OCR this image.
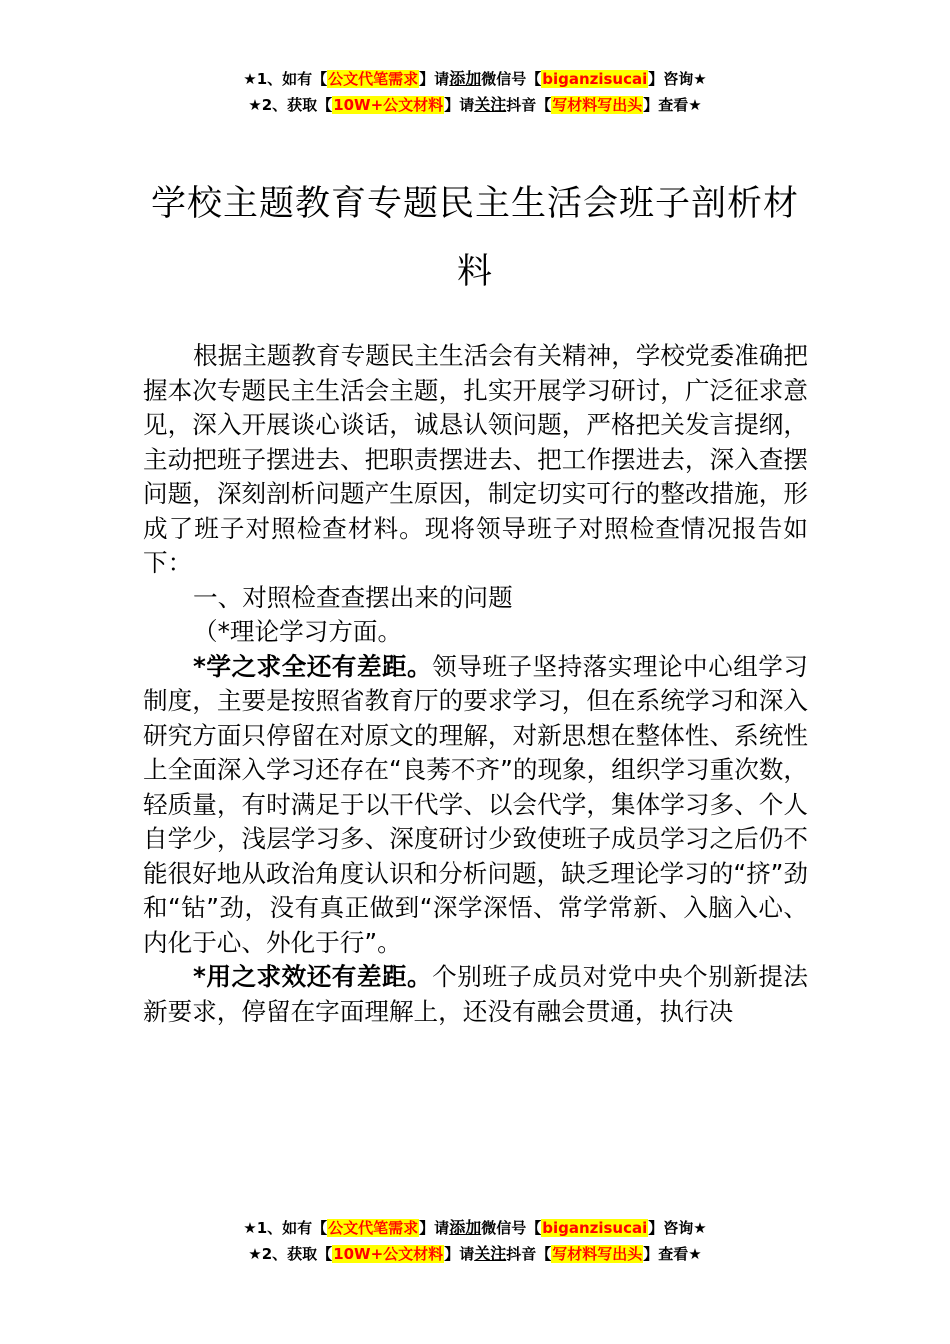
★1、如有【公文代笔需求】请添加微信号【biganzisucai】咨询★
★2、获取【10W+公文材料】请关注抖音【写材料写出头】查看★
学校主题教育专题民主生活会班子剖析材料

根据主题教育专题民主生活会有关精神，学校党委准确把握本次专题民主生活会主题，扎实开展学习研讨，广泛征求意见，深入开展谈心谈话，诚恳认领问题，严格把关发言提纲，主动把班子摆进去、把职责摆进去、把工作摆进去，深入查摆问题，深刻剖析问题产生原因，制定切实可行的整改措施，形成了班子对照检查材料。现将领导班子对照检查情况报告如下：

一、对照检查查摆出来的问题

（*理论学习方面。

*学之求全还有差距。领导班子坚持落实理论中心组学习制度，主要是按照省教育厅的要求学习，但在系统学习和深入研究方面只停留在对原文的理解，对新思想在整体性、系统性上全面深入学习还存在“良莠不齐”的现象，组织学习重次数，轻质量，有时满足于以干代学、以会代学，集体学习多、个人自学少，浅层学习多、深度研讨少致使班子成员学习之后仍不能很好地从政治角度认识和分析问题，缺乏理论学习的“挤”劲和“钻”劲，没有真正做到“深学深悟、常学常新、入脑入心、内化于心、外化于行”。

*用之求效还有差距。个别班子成员对党中央个别新提法新要求，停留在字面理解上，还没有融会贯通，执行决

★1、如有【公文代笔需求】请添加微信号【biganzisucai】咨询★
★2、获取【10W+公文材料】请关注抖音【写材料写出头】查看★
